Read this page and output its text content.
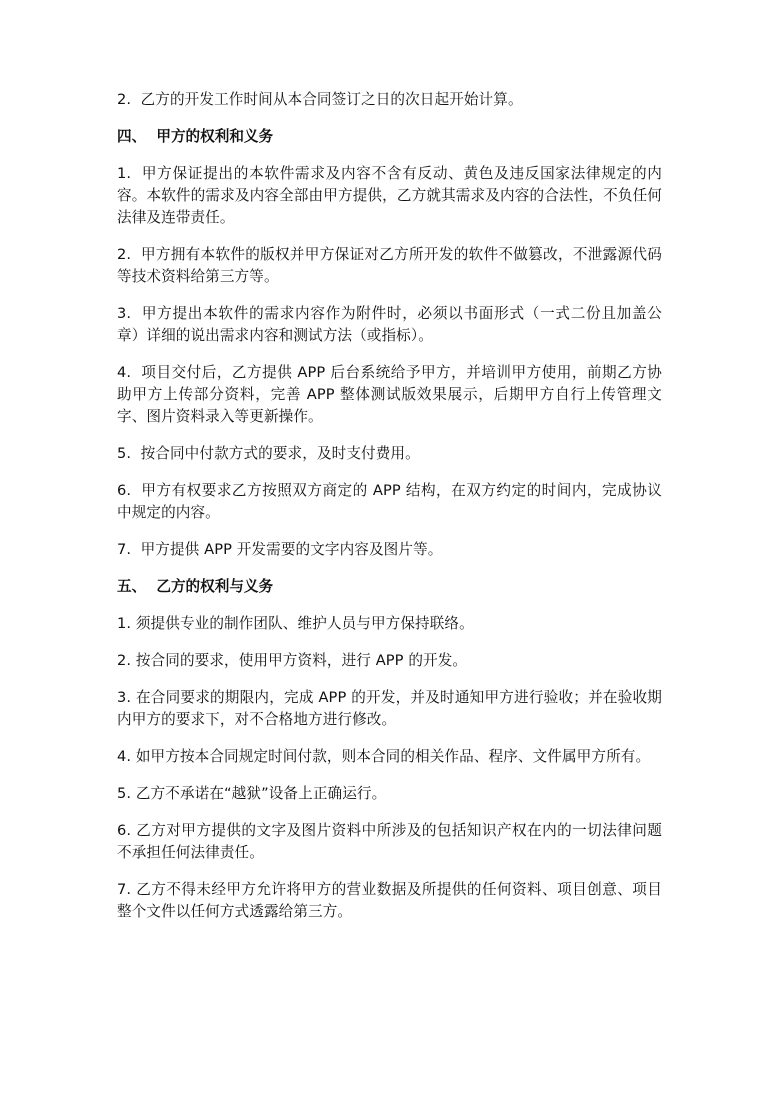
2.  乙方的开发工作时间从本合同签订之日的次日起开始计算。

四、  甲方的权利和义务

1.  甲方保证提出的本软件需求及内容不含有反动、黄色及违反国家法律规定的内容。本软件的需求及内容全部由甲方提供，乙方就其需求及内容的合法性，不负任何法律及连带责任。

2.  甲方拥有本软件的版权并甲方保证对乙方所开发的软件不做篡改，不泄露源代码等技术资料给第三方等。

3.  甲方提出本软件的需求内容作为附件时，必须以书面形式（一式二份且加盖公章）详细的说出需求内容和测试方法（或指标）。

4.  项目交付后，乙方提供 APP 后台系统给予甲方，并培训甲方使用，前期乙方协助甲方上传部分资料，完善 APP 整体测试版效果展示，后期甲方自行上传管理文字、图片资料录入等更新操作。

5.  按合同中付款方式的要求，及时支付费用。

6.  甲方有权要求乙方按照双方商定的 APP 结构，在双方约定的时间内，完成协议中规定的内容。

7.  甲方提供 APP 开发需要的文字内容及图片等。

五、  乙方的权利与义务

1. 须提供专业的制作团队、维护人员与甲方保持联络。

2. 按合同的要求，使用甲方资料，进行 APP 的开发。

3. 在合同要求的期限内，完成 APP 的开发，并及时通知甲方进行验收；并在验收期内甲方的要求下，对不合格地方进行修改。

4. 如甲方按本合同规定时间付款，则本合同的相关作品、程序、文件属甲方所有。

5. 乙方不承诺在“越狱”设备上正确运行。

6. 乙方对甲方提供的文字及图片资料中所涉及的包括知识产权在内的一切法律问题不承担任何法律责任。

7. 乙方不得未经甲方允许将甲方的营业数据及所提供的任何资料、项目创意、项目整个文件以任何方式透露给第三方。
